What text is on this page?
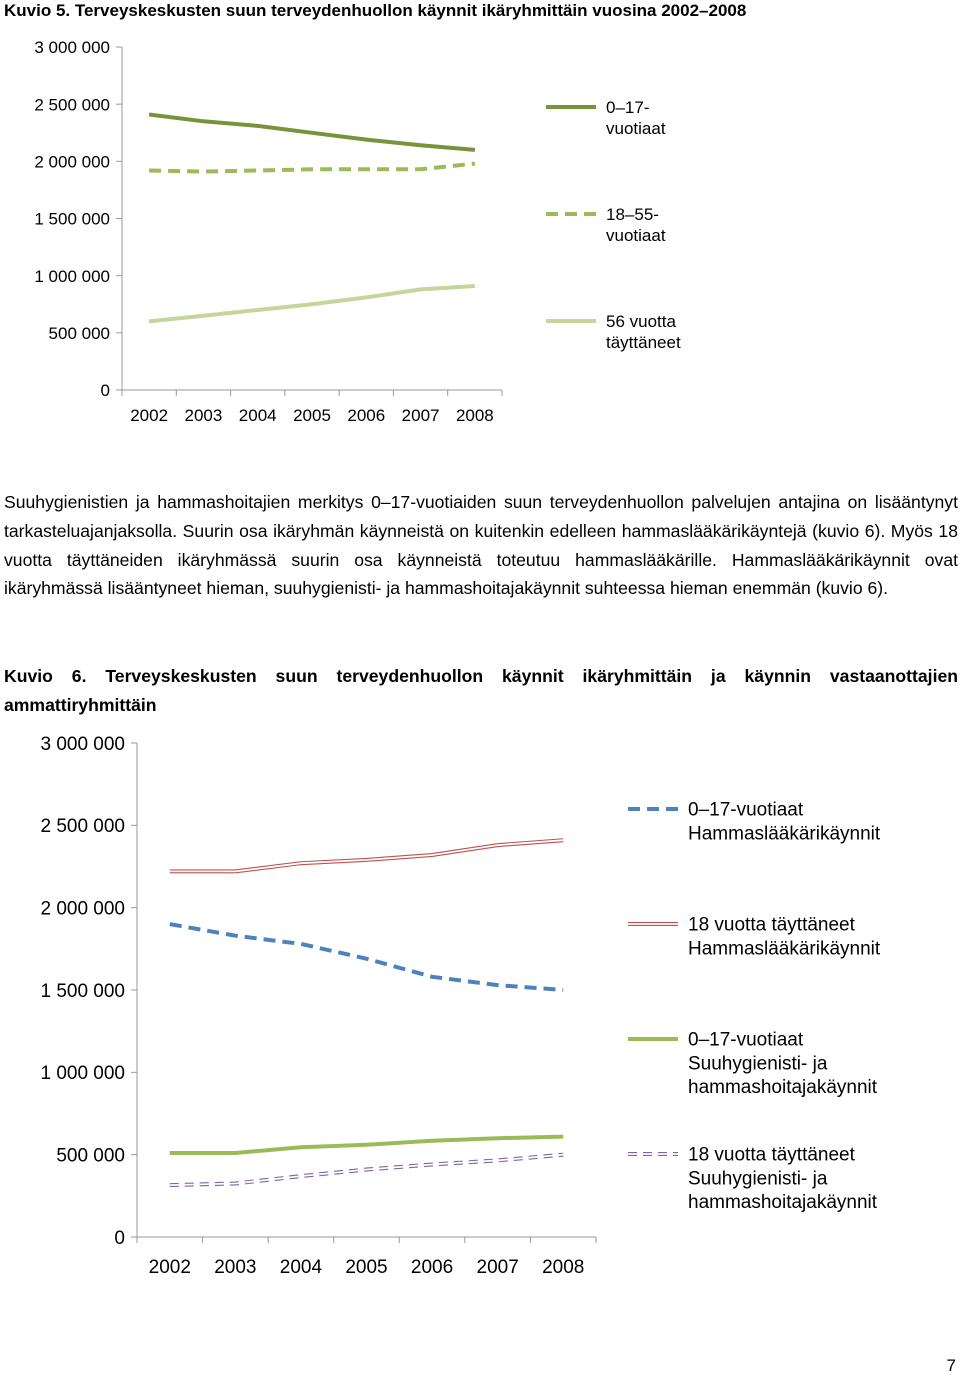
Kuvio 5. Terveyskeskusten suun terveydenhuollon käynnit ikäryhmittäin vuosina 2002–2008
0
500 000
1 000 000
1 500 000
2 000 000
2 500 000
3 000 000
2002 2003 2004 2005 2006 2007 2008
0–17-vuotiaat
18–55-vuotiaat
56 vuotta täyttäneet
Suuhygienistien ja hammashoitajien merkitys 0–17-vuotiaiden suun terveydenhuollon palvelujen antajina on lisääntynyt tarkasteluajanjaksolla. Suurin osa ikäryhmän käynneistä on kuitenkin edelleen hammaslääkärikäyntejä (kuvio 6). Myös 18 vuotta täyttäneiden ikäryhmässä suurin osa käynneistä toteutuu hammaslääkärille. Hammaslääkärikäynnit ovat ikäryhmässä lisääntyneet hieman, suuhygienisti- ja hammashoitajakäynnit suhteessa hieman enemmän (kuvio 6).
Kuvio 6. Terveyskeskusten suun terveydenhuollon käynnit ikäryhmittäin ja käynnin vastaanottajien ammattiryhmittäin
0
500 000
1 000 000
1 500 000
2 000 000
2 500 000
3 000 000
2002 2003 2004 2005 2006 2007 2008
0–17-vuotiaat Hammaslääkärikäynnit
18 vuotta täyttäneet Hammaslääkärikäynnit
0–17-vuotiaat Suuhygienisti- ja hammashoitajakäynnit
18 vuotta täyttäneet Suuhygienisti- ja hammashoitajakäynnit
7
